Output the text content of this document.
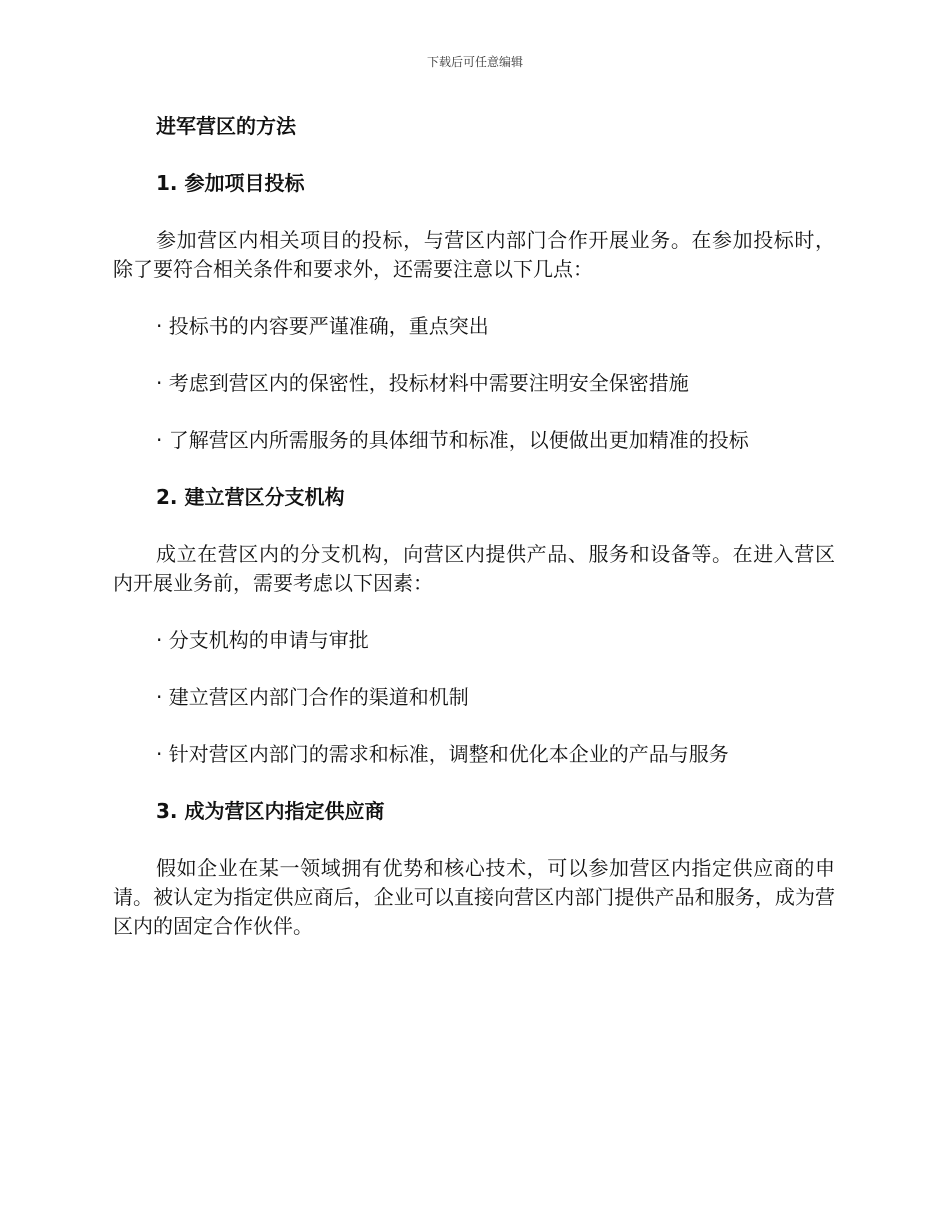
下载后可任意编辑
进军营区的方法
1. 参加项目投标
参加营区内相关项目的投标，与营区内部门合作开展业务。在参加投标时，除了要符合相关条件和要求外，还需要注意以下几点：
· 投标书的内容要严谨准确，重点突出
· 考虑到营区内的保密性，投标材料中需要注明安全保密措施
· 了解营区内所需服务的具体细节和标准，以便做出更加精准的投标
2. 建立营区分支机构
成立在营区内的分支机构，向营区内提供产品、服务和设备等。在进入营区内开展业务前，需要考虑以下因素：
· 分支机构的申请与审批
· 建立营区内部门合作的渠道和机制
· 针对营区内部门的需求和标准，调整和优化本企业的产品与服务
3. 成为营区内指定供应商
假如企业在某一领域拥有优势和核心技术，可以参加营区内指定供应商的申请。被认定为指定供应商后，企业可以直接向营区内部门提供产品和服务，成为营区内的固定合作伙伴。
